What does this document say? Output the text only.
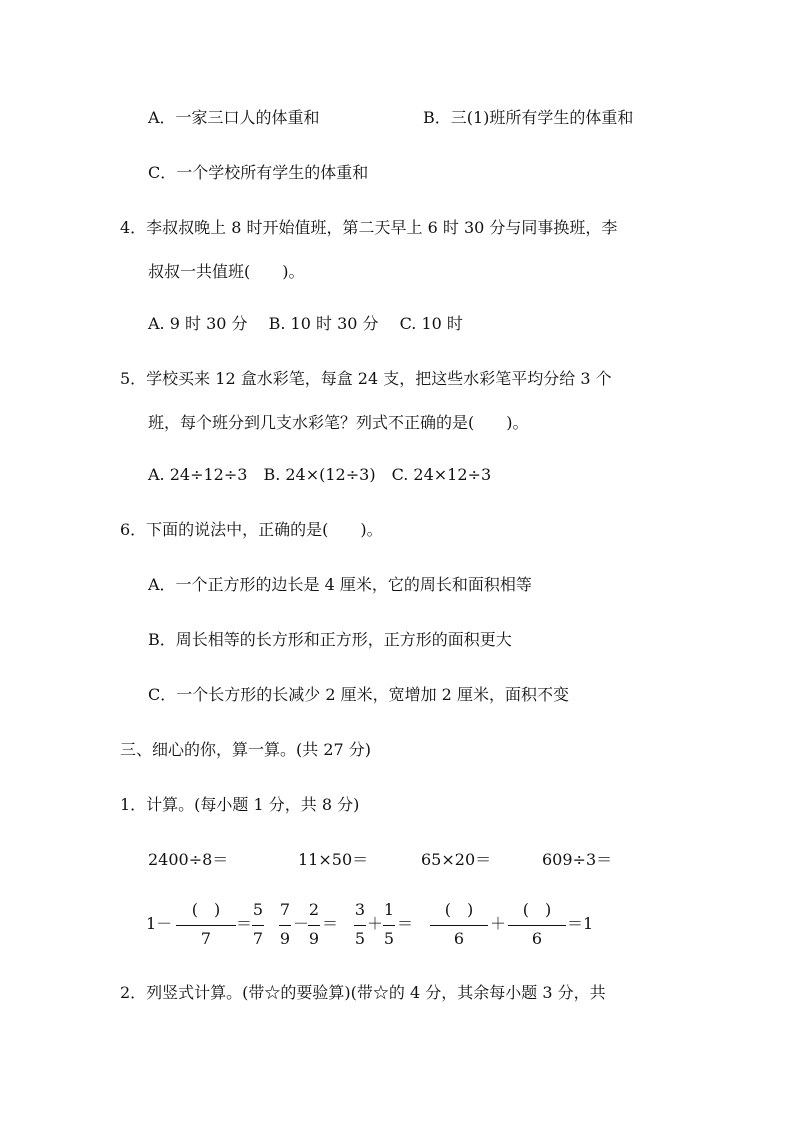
A．一家三口人的体重和	B．三(1)班所有学生的体重和
C．一个学校所有学生的体重和
4．李叔叔晚上 8 时开始值班，第二天早上 6 时 30 分与同事换班，李
叔叔一共值班(　　)。
A. 9 时 30 分　 B. 10 时 30 分　 C. 10 时
5．学校买来 12 盒水彩笔，每盒 24 支，把这些水彩笔平均分给 3 个
班，每个班分到几支水彩笔？列式不正确的是(　　)。
A. 24÷12÷3　B. 24×(12÷3)　C. 24×12÷3
6．下面的说法中，正确的是(　　)。
A．一个正方形的边长是 4 厘米，它的周长和面积相等
B．周长相等的长方形和正方形，正方形的面积更大
C．一个长方形的长减少 2 厘米，宽增加 2 厘米，面积不变
三、细心的你，算一算。(共 27 分)
1．计算。(每小题 1 分，共 8 分)
2400÷8＝	11×50＝	65×20＝	609÷3＝
1－
(　)
7
＝
5
7
7
9
－
2
9
＝
3
5
＋
1
5
＝
(　)
6
＋
(　)
6
＝1
2．列竖式计算。(带☆的要验算)(带☆的 4 分，其余每小题 3 分，共
